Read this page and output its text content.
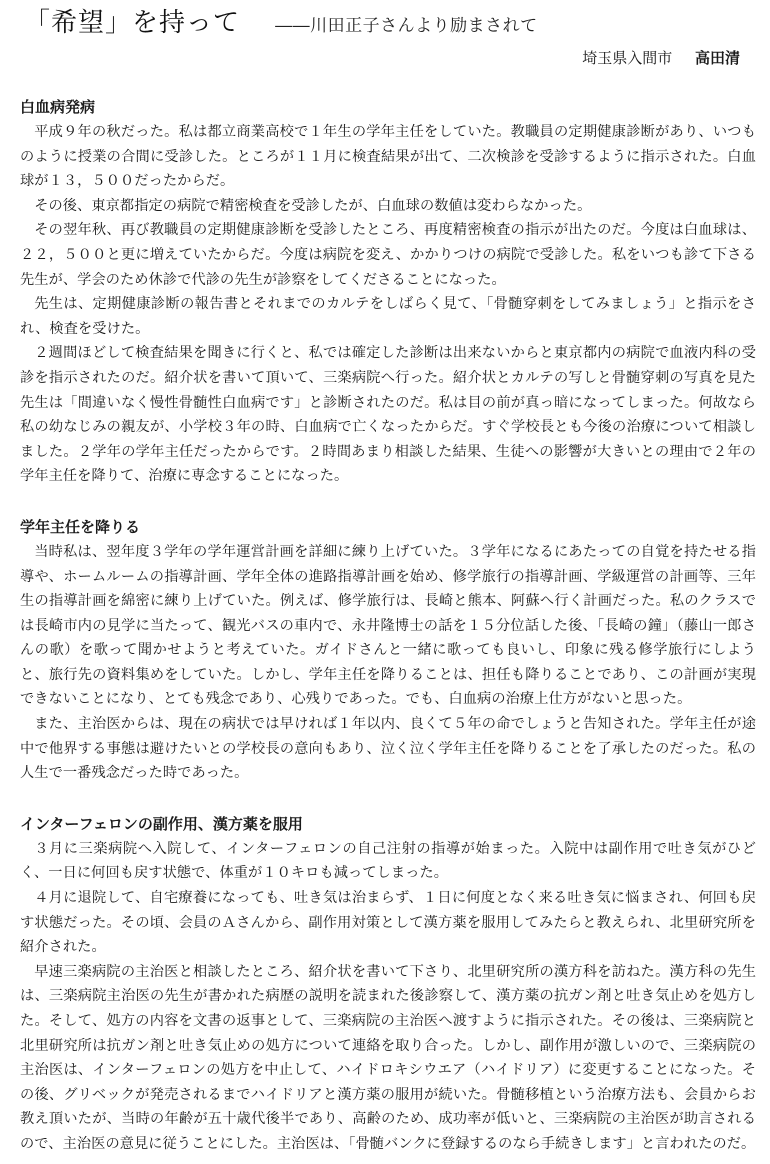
「希望」を持って ――川田正子さんより励まされて
埼玉県入間市 高田清

白血病発病

平成９年の秋だった。私は都立商業高校で１年生の学年主任をしていた。教職員の定期健康診断があり、いつものように授業の合間に受診した。ところが１１月に検査結果が出て、二次検診を受診するように指示された。白血球が１３，５００だったからだ。

その後、東京都指定の病院で精密検査を受診したが、白血球の数値は変わらなかった。

その翌年秋、再び教職員の定期健康診断を受診したところ、再度精密検査の指示が出たのだ。今度は白血球は、２２，５００と更に増えていたからだ。今度は病院を変え、かかりつけの病院で受診した。私をいつも診て下さる先生が、学会のため休診で代診の先生が診察をしてくださることになった。

先生は、定期健康診断の報告書とそれまでのカルテをしばらく見て、「骨髄穿刺をしてみましょう」と指示をされ、検査を受けた。

２週間ほどして検査結果を聞きに行くと、私では確定した診断は出来ないからと東京都内の病院で血液内科の受診を指示されたのだ。紹介状を書いて頂いて、三楽病院へ行った。紹介状とカルテの写しと骨髄穿刺の写真を見た先生は「間違いなく慢性骨髄性白血病です」と診断されたのだ。私は目の前が真っ暗になってしまった。何故なら私の幼なじみの親友が、小学校３年の時、白血病で亡くなったからだ。すぐ学校長とも今後の治療について相談しました。２学年の学年主任だったからです。２時間あまり相談した結果、生徒への影響が大きいとの理由で２年の学年主任を降りて、治療に専念することになった。

学年主任を降りる

当時私は、翌年度３学年の学年運営計画を詳細に練り上げていた。３学年になるにあたっての自覚を持たせる指導や、ホームルームの指導計画、学年全体の進路指導計画を始め、修学旅行の指導計画、学級運営の計画等、三年生の指導計画を綿密に練り上げていた。例えば、修学旅行は、長崎と熊本、阿蘇へ行く計画だった。私のクラスでは長崎市内の見学に当たって、観光バスの車内で、永井隆博士の話を１５分位話した後、「長崎の鐘」（藤山一郎さんの歌）を歌って聞かせようと考えていた。ガイドさんと一緒に歌っても良いし、印象に残る修学旅行にしようと、旅行先の資料集めをしていた。しかし、学年主任を降りることは、担任も降りることであり、この計画が実現できないことになり、とても残念であり、心残りであった。でも、白血病の治療上仕方がないと思った。

また、主治医からは、現在の病状では早ければ１年以内、良くて５年の命でしょうと告知された。学年主任が途中で他界する事態は避けたいとの学校長の意向もあり、泣く泣く学年主任を降りることを了承したのだった。私の人生で一番残念だった時であった。

インターフェロンの副作用、漢方薬を服用

３月に三楽病院へ入院して、インターフェロンの自己注射の指導が始まった。入院中は副作用で吐き気がひどく、一日に何回も戻す状態で、体重が１０キロも減ってしまった。

４月に退院して、自宅療養になっても、吐き気は治まらず、１日に何度となく来る吐き気に悩まされ、何回も戻す状態だった。その頃、会員のＡさんから、副作用対策として漢方薬を服用してみたらと教えられ、北里研究所を紹介された。

早速三楽病院の主治医と相談したところ、紹介状を書いて下さり、北里研究所の漢方科を訪ねた。漢方科の先生は、三楽病院主治医の先生が書かれた病歴の説明を読まれた後診察して、漢方薬の抗ガン剤と吐き気止めを処方した。そして、処方の内容を文書の返事として、三楽病院の主治医へ渡すように指示された。その後は、三楽病院と北里研究所は抗ガン剤と吐き気止めの処方について連絡を取り合った。しかし、副作用が激しいので、三楽病院の主治医は、インターフェロンの処方を中止して、ハイドロキシウエア（ハイドリア）に変更することになった。その後、グリベックが発売されるまでハイドリアと漢方薬の服用が続いた。骨髄移植という治療方法も、会員からお教え頂いたが、当時の年齢が五十歳代後半であり、高齢のため、成功率が低いと、三楽病院の主治医が助言されるので、主治医の意見に従うことにした。主治医は、「骨髄バンクに登録するのなら手続きします」と言われたのだ。
